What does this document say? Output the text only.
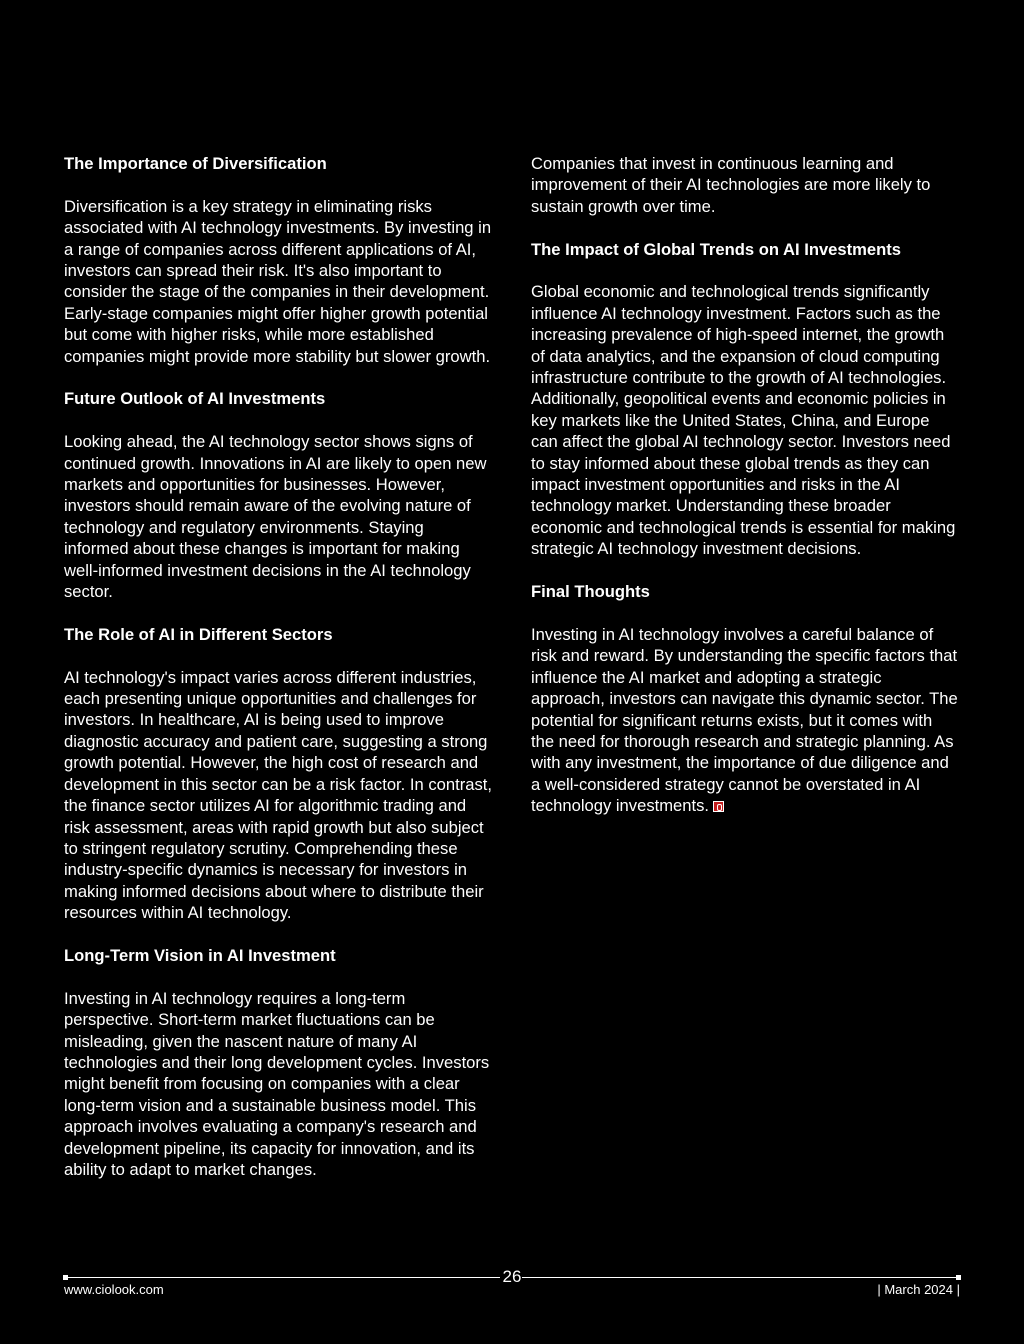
The Importance of Diversification

Diversification is a key strategy in eliminating risks associated with AI technology investments. By investing in a range of companies across different applications of AI, investors can spread their risk. It's also important to consider the stage of the companies in their development. Early-stage companies might offer higher growth potential but come with higher risks, while more established companies might provide more stability but slower growth.

Future Outlook of AI Investments

Looking ahead, the AI technology sector shows signs of continued growth. Innovations in AI are likely to open new markets and opportunities for businesses. However, investors should remain aware of the evolving nature of technology and regulatory environments. Staying informed about these changes is important for making well-informed investment decisions in the AI technology sector.

The Role of AI in Different Sectors

AI technology's impact varies across different industries, each presenting unique opportunities and challenges for investors. In healthcare, AI is being used to improve diagnostic accuracy and patient care, suggesting a strong growth potential. However, the high cost of research and development in this sector can be a risk factor. In contrast, the finance sector utilizes AI for algorithmic trading and risk assessment, areas with rapid growth but also subject to stringent regulatory scrutiny. Comprehending these industry-specific dynamics is necessary for investors in making informed decisions about where to distribute their resources within AI technology.

Long-Term Vision in AI Investment

Investing in AI technology requires a long-term perspective. Short-term market fluctuations can be misleading, given the nascent nature of many AI technologies and their long development cycles. Investors might benefit from focusing on companies with a clear long-term vision and a sustainable business model. This approach involves evaluating a company's research and development pipeline, its capacity for innovation, and its ability to adapt to market changes.

Companies that invest in continuous learning and improvement of their AI technologies are more likely to sustain growth over time.

The Impact of Global Trends on AI Investments

Global economic and technological trends significantly influence AI technology investment. Factors such as the increasing prevalence of high-speed internet, the growth of data analytics, and the expansion of cloud computing infrastructure contribute to the growth of AI technologies. Additionally, geopolitical events and economic policies in key markets like the United States, China, and Europe can affect the global AI technology sector. Investors need to stay informed about these global trends as they can impact investment opportunities and risks in the AI technology market. Understanding these broader economic and technological trends is essential for making strategic AI technology investment decisions.

Final Thoughts

Investing in AI technology involves a careful balance of risk and reward. By understanding the specific factors that influence the AI market and adopting a strategic approach, investors can navigate this dynamic sector. The potential for significant returns exists, but it comes with the need for thorough research and strategic planning. As with any investment, the importance of due diligence and a well-considered strategy cannot be overstated in AI technology investments.

26
www.ciolook.com	| March 2024 |
